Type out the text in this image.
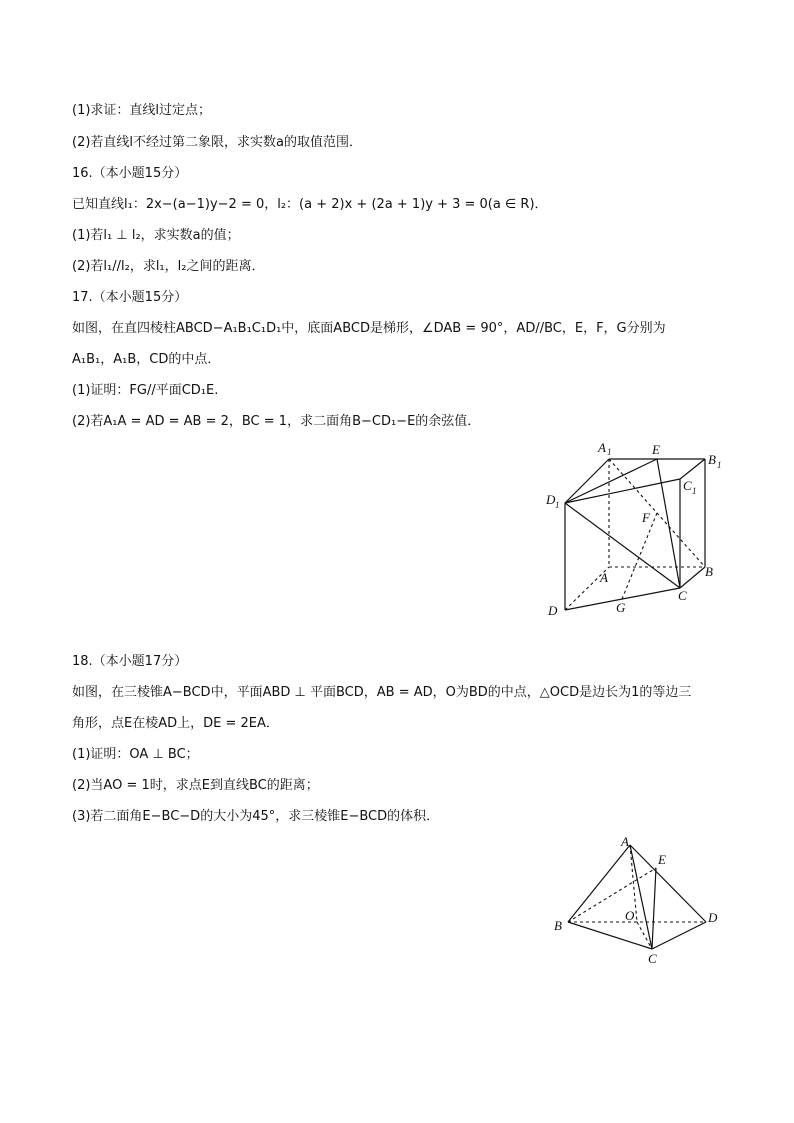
(1)求证：直线l过定点；
(2)若直线l不经过第二象限，求实数a的取值范围．
16.（本小题15分）
已知直线l₁：2x−(a−1)y−2 = 0，l₂：(a + 2)x + (2a + 1)y + 3 = 0(a ∈ R)．
(1)若l₁ ⊥ l₂，求实数a的值；
(2)若l₁//l₂，求l₁，l₂之间的距离．
17.（本小题15分）
如图，在直四棱柱ABCD−A₁B₁C₁D₁中，底面ABCD是梯形，∠DAB = 90°，AD//BC，E，F，G分别为
A₁B₁，A₁B，CD的中点．
(1)证明：FG//平面CD₁E.
(2)若A₁A = AD = AB = 2，BC = 1，求二面角B−CD₁−E的余弦值．
A 1	E
B 1
C 1
D 1
F
A	B
C
D	G
18.（本小题17分）
如图，在三棱锥A−BCD中，平面ABD ⊥ 平面BCD，AB = AD，O为BD的中点，△OCD是边长为1的等边三
角形，点E在棱AD上，DE = 2EA．
(1)证明：OA ⊥ BC；
(2)当AO = 1时，求点E到直线BC的距离；
(3)若二面角E−BC−D的大小为45°，求三棱锥E−BCD的体积．
A
E
O
B
D
C
